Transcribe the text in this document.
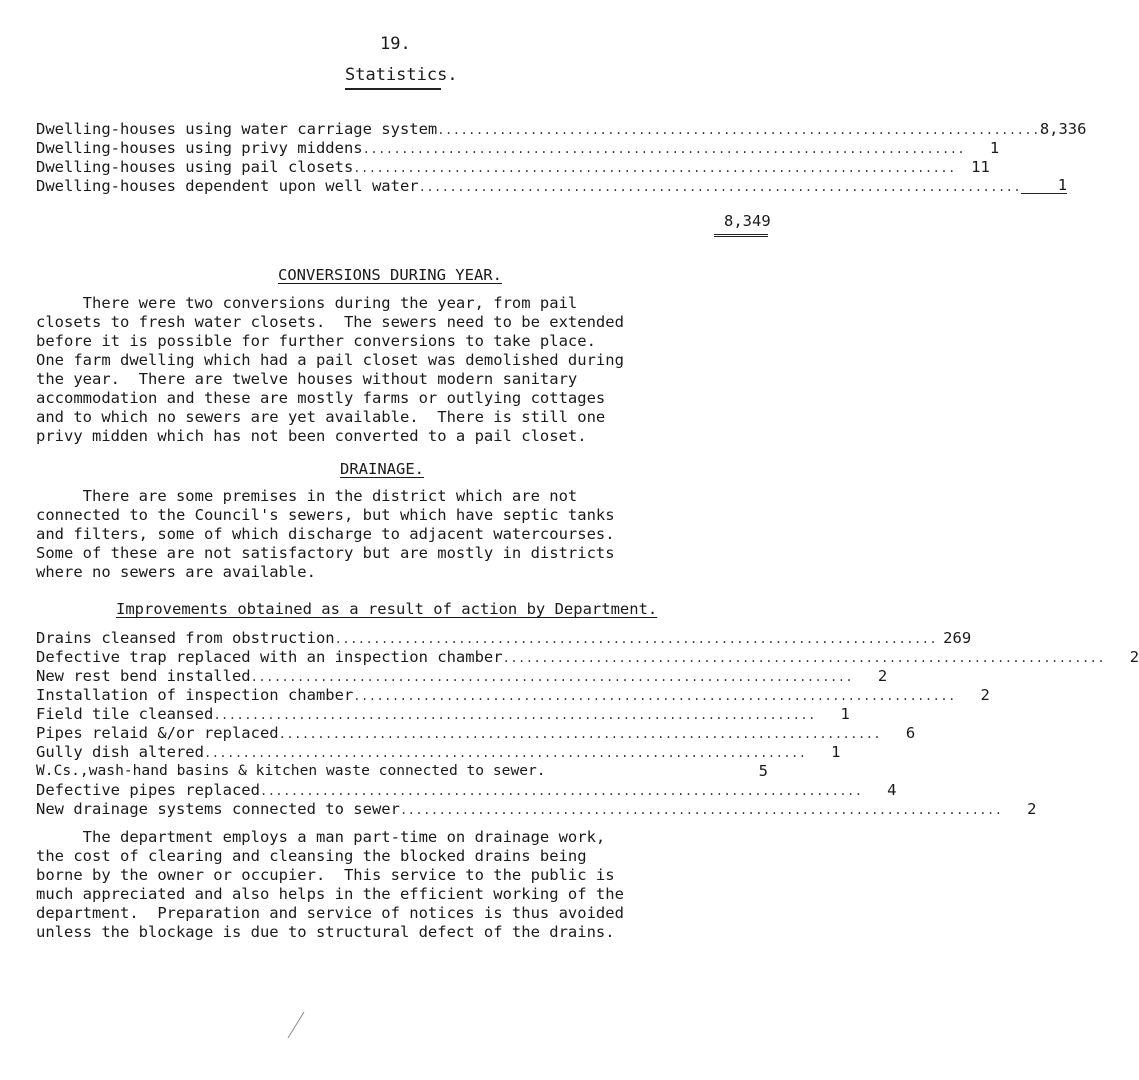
19.
Statistics.
Dwelling-houses using water carriage system .............................................................................. 8,336
Dwelling-houses using privy middens ..............................................................................	1
Dwelling-houses using pail closets .............................................................................. 11
Dwelling-houses dependent upon well water ..............................................................................	1
8,349
CONVERSIONS DURING YEAR.
There were two conversions during the year, from pail
closets to fresh water closets.  The sewers need to be extended
before it is possible for further conversions to take place.
One farm dwelling which had a pail closet was demolished during
the year.  There are twelve houses without modern sanitary
accommodation and these are mostly farms or outlying cottages
and to which no sewers are yet available.  There is still one
privy midden which has not been converted to a pail closet.
DRAINAGE.
There are some premises in the district which are not
connected to the Council's sewers, but which have septic tanks
and filters, some of which discharge to adjacent watercourses.
Some of these are not satisfactory but are mostly in districts
where no sewers are available.
Improvements obtained as a result of action by Department.
Drains cleansed from obstruction .............................................................................. 269
Defective trap replaced with an inspection chamber ..............................................................................	2
New rest bend installed ..............................................................................	2
Installation of inspection chamber ..............................................................................	2
Field tile cleansed ..............................................................................	1
Pipes relaid &/or replaced ..............................................................................	6
Gully dish altered ..............................................................................	1
W.Cs.,wash-hand basins & kitchen waste connected to sewer.	5
Defective pipes replaced ..............................................................................	4
New drainage systems connected to sewer ..............................................................................	2
The department employs a man part-time on drainage work,
the cost of clearing and cleansing the blocked drains being
borne by the owner or occupier.  This service to the public is
much appreciated and also helps in the efficient working of the
department.  Preparation and service of notices is thus avoided
unless the blockage is due to structural defect of the drains.
